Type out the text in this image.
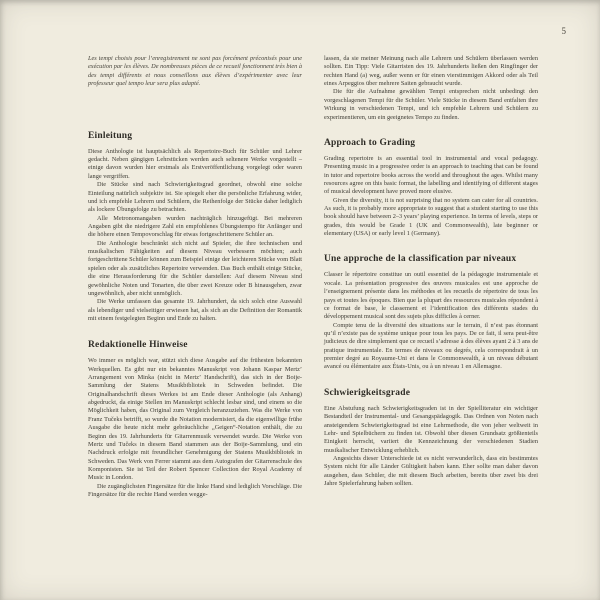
5

Les tempi choisis pour l’enregistrement ne sont pas forcément préconisés pour une exécution par les élèves. De nombreuses pièces de ce recueil fonctionnent très bien à des tempi différents et nous conseillons aux élèves d’expérimenter avec leur professeur quel tempo leur sera plus adapté.

Einleitung

Diese Anthologie ist hauptsächlich als Repertoire-Buch für Schüler und Lehrer gedacht. Neben gängigen Lehrstücken werden auch seltenere Werke vorgestellt – einige davon wurden hier erstmals als Erstveröffentlichung vorgelegt oder waren lange vergriffen.

Die Stücke sind nach Schwierigkeitsgrad geordnet, obwohl eine solche Einteilung natürlich subjektiv ist. Sie spiegelt eher die persönliche Erfahrung wider, und ich empfehle Lehrern und Schülern, die Reihenfolge der Stücke daher lediglich als lockere Übungsfolge zu betrachten.

Alle Metronomangaben wurden nachträglich hinzugefügt. Bei mehreren Angaben gibt die niedrigere Zahl ein empfohlenes Übungstempo für Anfänger und die höhere einen Tempovorschlag für etwas fortgeschrittenere Schüler an.

Die Anthologie beschränkt sich nicht auf Spieler, die ihre technischen und musikalischen Fähigkeiten auf diesem Niveau verbessern möchten; auch fortgeschrittene Schüler können zum Beispiel einige der leichteren Stücke vom Blatt spielen oder als zusätzliches Repertoire verwenden. Das Buch enthält einige Stücke, die eine Herausforderung für die Schüler darstellen: Auf diesem Niveau sind gewöhnliche Noten und Tonarten, die über zwei Kreuze oder B hinausgehen, zwar ungewöhnlich, aber nicht unmöglich.

Die Werke umfassen das gesamte 19. Jahrhundert, da sich solch eine Auswahl als lebendiger und vielseitiger erwiesen hat, als sich an die Definition der Romantik mit einem festgelegten Beginn und Ende zu halten.

Redaktionelle Hinweise

Wo immer es möglich war, stützt sich diese Ausgabe auf die frühesten bekannten Werkquellen. Es gibt nur ein bekanntes Manuskript von Johann Kaspar Mertz’ Arrangement von Minka (nicht in Mertz’ Handschrift), das sich in der Boije-Sammlung der Statens Musikbibliotek in Schweden befindet. Die Originalhandschrift dieses Werkes ist am Ende dieser Anthologie (als Anhang) abgedruckt, da einige Stellen im Manuskript schlecht lesbar sind, und einem so die Möglichkeit haben, das Original zum Vergleich heranzuziehen. Was die Werke von Franz Tučeks betrifft, so wurde die Notation modernisiert, da die eigenwillige frühe Ausgabe die heute nicht mehr gebräuchliche „Geigen“-Notation enthält, die zu Beginn des 19. Jahrhunderts für Gitarrenmusik verwendet wurde. Die Werke von Mertz und Tučeks in diesem Band stammen aus der Boije-Sammlung, und ein Nachdruck erfolgte mit freundlicher Genehmigung der Statens Musikbibliotek in Schweden. Das Werk von Ferrer stammt aus dem Autografen der Gitarrenschule des Komponisten. Sie ist Teil der Robert Spencer Collection der Royal Academy of Music in London.

Die zugänglichsten Fingersätze für die linke Hand sind lediglich Vorschläge. Die Fingersätze für die rechte Hand werden wegge-

lassen, da sie meiner Meinung nach alle Lehrern und Schülern überlassen werden sollten. Ein Tipp: Viele Gitarristen des 19. Jahrhunderts ließen den Ringfinger der rechten Hand (a) weg, außer wenn er für einen vierstimmigen Akkord oder als Teil eines Arpeggios über mehrere Saiten gebraucht wurde.

Die für die Aufnahme gewählten Tempi entsprechen nicht unbedingt den vorgeschlagenen Tempi für die Schüler. Viele Stücke in diesem Band entfalten ihre Wirkung in verschiedenen Tempi, und ich empfehle Lehrern und Schülern zu experimentieren, um ein geeignetes Tempo zu finden.

Approach to Grading

Grading repertoire is an essential tool in instrumental and vocal pedagogy. Presenting music in a progressive order is an approach to teaching that can be found in tutor and repertoire books across the world and throughout the ages. Whilst many resources agree on this basic format, the labelling and identifying of different stages of musical development have proved more elusive.

Given the diversity, it is not surprising that no system can cater for all countries. As such, it is probably more appropriate to suggest that a student starting to use this book should have between 2–3 years’ playing experience. In terms of levels, steps or grades, this would be Grade 1 (UK and Commonwealth), late beginner or elementary (USA) or early level 1 (Germany).

Une approche de la classification par niveaux

Classer le répertoire constitue un outil essentiel de la pédagogie instrumentale et vocale. La présentation progressive des œuvres musicales est une approche de l’enseignement présente dans les méthodes et les recueils de répertoire de tous les pays et toutes les époques. Bien que la plupart des ressources musicales répondent à ce format de base, le classement et l’identification des différents stades du développement musical sont des sujets plus difficiles à cerner.

Compte tenu de la diversité des situations sur le terrain, il n’est pas étonnant qu’il n’existe pas de système unique pour tous les pays. De ce fait, il sera peut-être judicieux de dire simplement que ce recueil s’adresse à des élèves ayant 2 à 3 ans de pratique instrumentale. En termes de niveaux ou degrés, cela correspondrait à un premier degré au Royaume-Uni et dans le Commonwealth, à un niveau débutant avancé ou élémentaire aux États-Unis, ou à un niveau 1 en Allemagne.

Schwierigkeitsgrade

Eine Abstufung nach Schwierigkeitsgraden ist in der Spielliteratur ein wichtiger Bestandteil der Instrumental- und Gesangspädagogik. Das Ordnen von Noten nach ansteigendem Schwierigkeitsgrad ist eine Lehrmethode, die von jeher weltweit in Lehr- und Spielbüchern zu finden ist. Obwohl über diesen Grundsatz größtenteils Einigkeit herrscht, variiert die Kennzeichnung der verschiedenen Stadien musikalischer Entwicklung erheblich.

Angesichts dieser Unterschiede ist es nicht verwunderlich, dass ein bestimmtes System nicht für alle Länder Gültigkeit haben kann. Eher sollte man daher davon ausgehen, dass Schüler, die mit diesem Buch arbeiten, bereits über zwei bis drei Jahre Spielerfahrung haben sollten.
